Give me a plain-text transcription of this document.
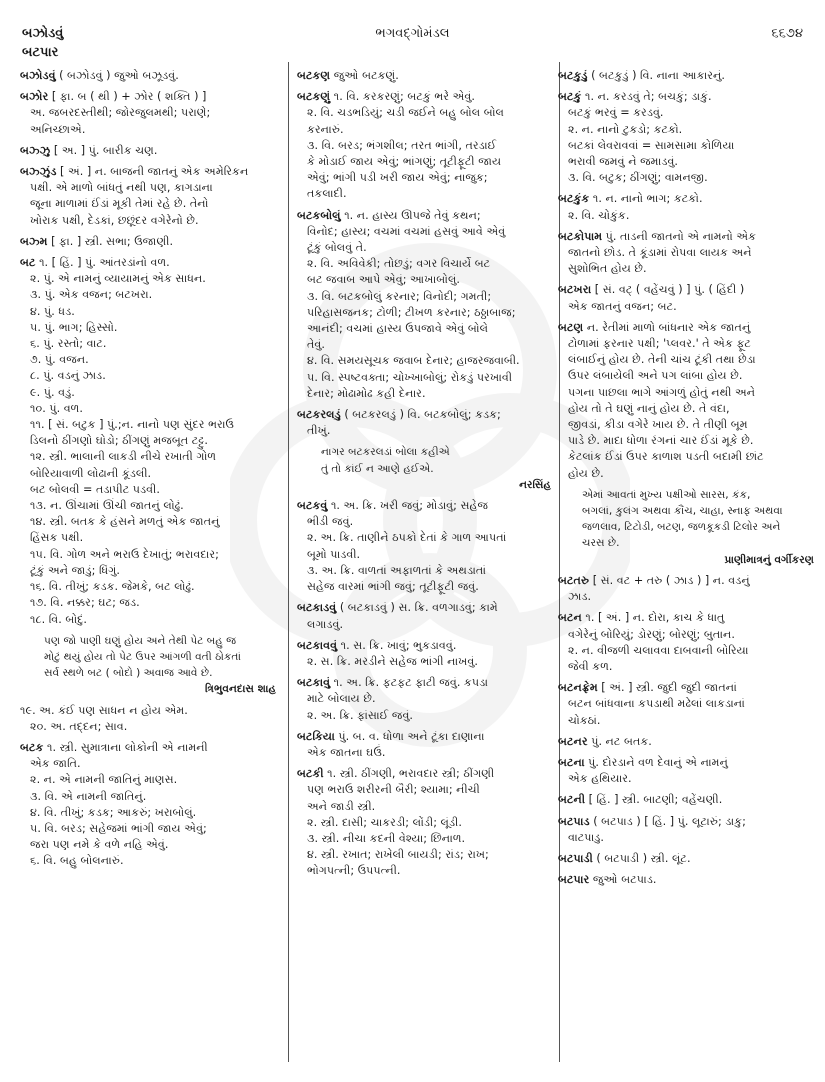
બઝોડવું
બટપાર
ભગવદ્ગોમંડલ	૬૬૭૪
બઝોડવું ( બઝોડવું ) જુઓ બઝૂડવું.
બઝોર [ ફા. બ ( થી ) + ઝોર ( શક્તિ ) ]
અ. જબરદસ્તીથી; જોરજુલમથી; પરાણે;
અનિચ્છાએ.
બઝ્ઝુ [ અ. ] પું. બારીક ચણ.
બઝ્ઝુંડ [ અં. ] ન. બાજની જાતનું એક અમેરિકન
પક્ષી. એ માળો બાંધતું નથી પણ, કાગડાના
જૂના માળામાં ઈંડાં મૂકી તેમાં રહે છે. તેનો
ખોરાક પક્ષી, દેડકાં, છછૂંદર વગેરેનો છે.
બઝ્મ [ ફા. ] સ્ત્રી. સભા; ઉજાણી.
બટ ૧. [ હિં. ] પું. આંતરડાંનો વળ.
૨. પું. એ નામનું વ્યાયામનું એક સાધન.
૩. પું. એક વજન; બટખરા.
૪. પું. ધડ.
૫. પું. ભાગ; હિસ્સો.
૬. પું. રસ્તો; વાટ.
૭. પું. વજન.
૮. પું. વડનું ઝાડ.
૯. પું. વડું.
૧૦. પું. વળ.
૧૧. [ સં. બટુક ] પું.;ન. નાનો પણ સુંદર ભરાઉ
ડિલનો ઠીંગણો ઘોડો; ઠીંગણું મજબૂત ટટ્ટુ.
૧૨. સ્ત્રી. ભાલાની લાકડી નીચે રખાતી ગોળ
બોરિયાવાળી લોઢાની કૂંડલી.
બટ બોલવી = તડાપીટ પડવી.
૧૩. ન. ઊંચામાં ઊંચી જાતનું લોઢું.
૧૪. સ્ત્રી. બતક કે હંસને મળતું એક જાતનું
હિંસક પક્ષી.
૧૫. વિ. ગોળ અને ભરાઉ દેખાતું; ભરાવદાર;
ટૂંકું અને જાડું; ધિંગું.
૧૬. વિ. તીખું; કડક. જેમકે, બટ લોઢું.
૧૭. વિ. નક્કર; ઘટ; જડ.
૧૮. વિ. બોદું.
પણ જો પાણી ઘણું હોય અને તેથી પેટ બહુ જ
મોટું થયું હોય તો પેટ ઉપર આંગળી વતી ઠોકતાં
સર્વ સ્થળે બટ ( બોદો ) અવાજ આવે છે.
ત્રિભુવનદાસ શાહ
૧૯. અ. કંઈ પણ સાધન ન હોય એમ.
૨૦. અ. તદ્દન; સાવ.
બટક ૧. સ્ત્રી. સુમાત્રાના લોકોની એ નામની
એક જાતિ.
૨. ન. એ નામની જાતિનું માણસ.
૩. વિ. એ નામની જાતિનું.
૪. વિ. તીખું; કડક; આકરું; ખરાબોલું.
૫. વિ. બરડ; સહેજમાં ભાંગી જાય એવું;
જરા પણ નમે કે વળે નહિ એવું.
૬. વિ. બહુ બોલનારું.
બટકણ જુઓ બટકણું.
બટકણું ૧. વિ. કરકરણું; બટકું ભરે એવું.
૨. વિ. ચડભડિયું; ચડી જઈને બહુ બોલ બોલ
કરનારું.
૩. વિ. બરડ; ભંગશીલ; તરત ભાંગી, તરડાઈ
કે મોડાઈ જાય એવું; ભાંગણું; તૂટીફૂટી જાય
એવું; ભાંગી પડી ખરી જાય એવું; નાજુક;
તકલાદી.
બટકબોલું ૧. ન. હાસ્ય ઊપજે તેવું કથન;
વિનોદ; હાસ્ય; વચમાં વચમાં હસવું આવે એવું
ટૂંકું બોલવું તે.
૨. વિ. અવિવેકી; તોછડું; વગર વિચાર્યે બટ
બટ જવાબ આપે એવું; આખાબોલું.
૩. વિ. બટકબોલું કરનાર; વિનોદી; ગમતી;
પરિહાસજનક; ટોળી; ટીખળ કરનાર; ઠઠ્ઠાબાજ;
આનંદી; વચમાં હાસ્ય ઉપજાવે એવું બોલે
તેવું.
૪. વિ. સમયસૂચક જવાબ દેનાર; હાજરજવાબી.
૫. વિ. સ્પષ્ટવક્તા; ચોખ્ખાબોલું; રોકડું પરખાવી
દેનાર; મોઢામોઢ કહી દેનાર.
બટકરલડું ( બટકરલડું ) વિ. બટકબોલું; કડક;
તીખું.
નાગર બટકરલડાં બોલા કહીએ
તું તો કાંઈ ન આણે હઈએ.
નરસિંહ
બટકવું ૧. અ. ક્રિ. ખરી જવું; મોડાવું; સહેજ
ભીડી જવું.
૨. અ. ક્રિ. તાણીને ઠપકો દેતાં કે ગાળ આપતાં
બૂમો પાડવી.
૩. અ. ક્રિ. વાળતાં અફાળતાં કે અથડાતાં
સહેજ વારમાં ભાંગી જવું; તૂટીફૂટી જવું.
બટકાડવું ( બટકાડવું ) સ. ક્રિ. વળગાડવું; કામે
લગાડવું.
બટકાવવું ૧. સ. ક્રિ. ખાવું; ભુકડાવવું.
૨. સ. ક્રિ. મરડીને સહેજ ભાંગી નાખવું.
બટકાવું ૧. અ. ક્રિ. ફટફટ ફાટી જવું. કપડા
માટે બોલાય છે.
૨. અ. ક્રિ. ફાંસાઈ જવું.
બટકિયા પું. બ. વ. ધોળા અને ટૂંકા દાણાના
એક જાતના ઘઉં.
બટકી ૧. સ્ત્રી. ઠીંગણી, ભરાવદાર સ્ત્રી; ઠીંગણી
પણ ભરાઉ શરીરની બૈરી; શ્યામા; નીચી
અને જાડી સ્ત્રી.
૨. સ્ત્રી. દાસી; ચાકરડી; લોંડી; લૂંડી.
૩. સ્ત્રી. નીચા કદની વેશ્યા; છિનાળ.
૪. સ્ત્રી. રખાત; રાખેલી બાયડી; રાંડ; રાખ;
ભોગપત્ની; ઉપપત્ની.
બટકુડું ( બટકુડું ) વિ. નાના આકારનું.
બટકું ૧. ન. કરડવું તે; બચકું; ડાકું.
બટકું ભરવું = કરડવું.
૨. ન. નાનો ટુકડો; કટકો.
બટકાં લેવરાવવાં = સામસામા કોળિયા
ભરાવી જમવું ને જમાડવું.
૩. વિ. બટુક; ઠીંગણું; વામનજી.
બટકુંક ૧. ન. નાનો ભાગ; કટકો.
૨. વિ. ચોકુંક.
બટકોપામ પું. તાડની જાતનો એ નામનો એક
જાતનો છોડ. તે કૂંડામાં રોપવા લાયક અને
સુશોભિત હોય છે.
બટખરા [ સં. વટ્ ( વહેંચવું ) ] પું. ( હિંદી )
એક જાતનું વજન; બટ.
બટણ ન. રેતીમાં માળો બાંધનાર એક જાતનું
ટોળામાં ફરનાર પક્ષી; 'પ્લવર.' તે એક ફૂટ
લંબાઈનું હોય છે. તેની ચાંચ ટૂંકી તથા છેડા
ઉપર લંબાયેલી અને પગ લાંબા હોય છે.
પગના પાછલા ભાગે આંગળું હોતું નથી અને
હોય તો તે ઘણું નાનું હોય છે. તે વંદા,
જીવડાં, કીડા વગેરે ખાય છે. તે તીણી બૂમ
પાડે છે. માદા ધોળા રંગનાં ચાર ઈંડાં મૂકે છે.
કેટલાંક ઈંડાં ઉપર કાળાશ પડતી બદામી છાંટ
હોય છે.
એમાં આવતાં મુખ્ય પક્ષીઓ સારસ, કંક,
બગલાં, કુલંગ અથવા કૌંચ, ચાહા, સ્નાફ અથવા
જળલાવ, ટિટોડી, બટણ, જળકૂકડી ટિલોર અને
ચરસ છે.
પ્રાણીમાત્રનું વર્ગીકરણ
બટતરુ [ સં. વટ + તરુ ( ઝાડ ) ] ન. વડનું
ઝાડ.
બટન ૧. [ અં. ] ન. દોરા, કાચ કે ધાતુ
વગેરેનું બોરિયું; ડોરણું; બોરણું; બુતાન.
૨. ન. વીજળી ચલાવવા દાબવાની બોરિયા
જેવી કળ.
બટનફ્રેમ [ અં. ] સ્ત્રી. જુદી જુદી જાતનાં
બટન બાંધવાના કપડાથી મઢેલાં લાકડાનાં
ચોકઠાં.
બટનર પું. નટ બતક.
બટના પું. દોરડાને વળ દેવાનું એ નામનું
એક હથિયાર.
બટની [ હિં. ] સ્ત્રી. બાટણી; વહેંચણી.
બટપાડ ( બટપાડ ) [ હિં. ] પું. લૂટારું; ડાકુ;
વાટપાડુ.
બટપાડી ( બટપાડી ) સ્ત્રી. લૂંટ.
બટપાર જુઓ બટપાડ.
